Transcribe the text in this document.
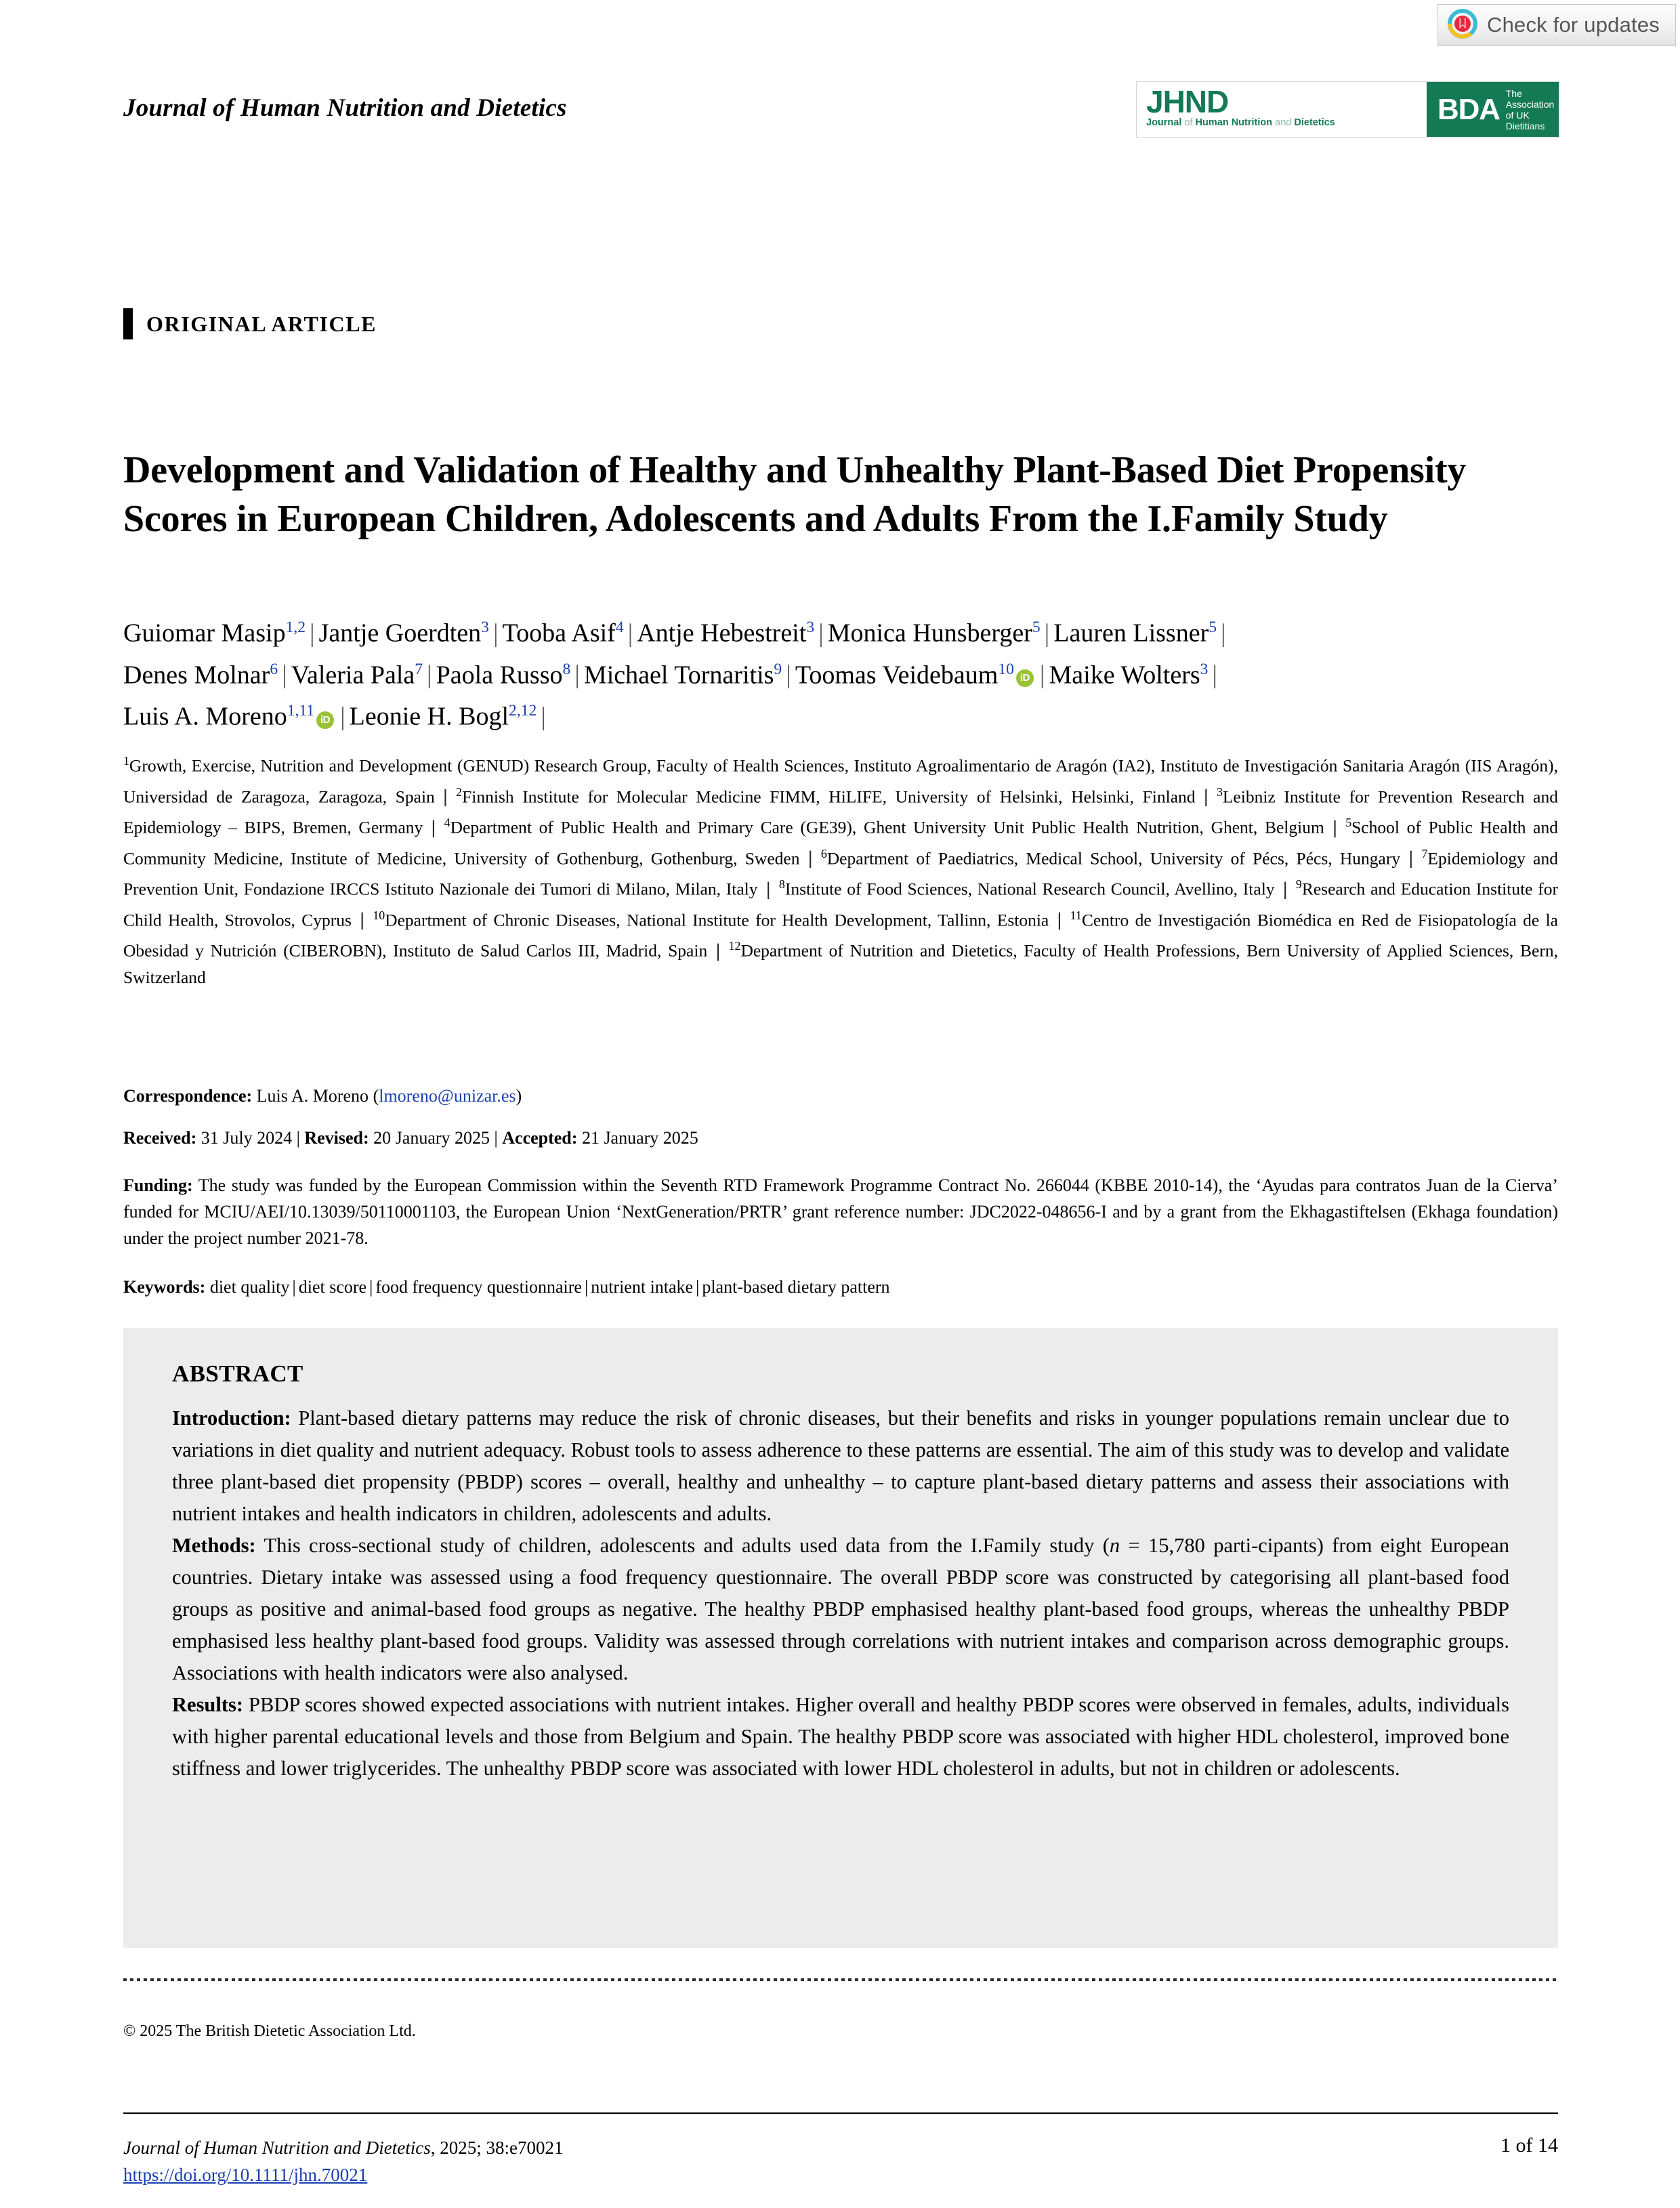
Check for updates
Journal of Human Nutrition and Dietetics	JHND
Journal of Human Nutrition and Dietetics	BDA The Association
of UK Dietitians
ORIGINAL ARTICLE
Development and Validation of Healthy and Unhealthy Plant-Based Diet Propensity Scores in European Children, Adolescents and Adults From the I.Family Study
Guiomar Masip$^{1,2}$ | Jantje Goerdten$^3$ | Tooba Asif$^4$ | Antje Hebestreit$^3$ | Monica Hunsberger$^5$ | Lauren Lissner$^5$ |
Denes Molnar$^6$ | Valeria Pala$^7$ | Paola Russo$^8$ | Michael Tornaritis$^9$ | Toomas Veidebaum$^{10}$iD | Maike Wolters$^3$ |
Luis A. Moreno$^{1,11}$iD | Leonie H. Bogl$^{2,12}$ |
$^1$Growth, Exercise, Nutrition and Development (GENUD) Research Group, Faculty of Health Sciences, Instituto Agroalimentario de Aragón (IA2), Instituto de Investigación Sanitaria Aragón (IIS Aragón), Universidad de Zaragoza, Zaragoza, Spain ❘ $^2$Finnish Institute for Molecular Medicine FIMM, HiLIFE, University of Helsinki, Helsinki, Finland ❘ $^3$Leibniz Institute for Prevention Research and Epidemiology – BIPS, Bremen, Germany ❘ $^4$Department of Public Health and Primary Care (GE39), Ghent University Unit Public Health Nutrition, Ghent, Belgium ❘ $^5$School of Public Health and Community Medicine, Institute of Medicine, University of Gothenburg, Gothenburg, Sweden ❘ $^6$Department of Paediatrics, Medical School, University of Pécs, Pécs, Hungary ❘ $^7$Epidemiology and Prevention Unit, Fondazione IRCCS Istituto Nazionale dei Tumori di Milano, Milan, Italy ❘ $^8$Institute of Food Sciences, National Research Council, Avellino, Italy ❘ $^9$Research and Education Institute for Child Health, Strovolos, Cyprus ❘ $^{10}$Department of Chronic Diseases, National Institute for Health Development, Tallinn, Estonia ❘ $^{11}$Centro de Investigación Biomédica en Red de Fisiopatología de la Obesidad y Nutrición (CIBEROBN), Instituto de Salud Carlos III, Madrid, Spain ❘ $^{12}$Department of Nutrition and Dietetics, Faculty of Health Professions, Bern University of Applied Sciences, Bern, Switzerland
Correspondence: Luis A. Moreno (lmoreno@unizar.es)
Received: 31 July 2024 | Revised: 20 January 2025 | Accepted: 21 January 2025
Funding: The study was funded by the European Commission within the Seventh RTD Framework Programme Contract No. 266044 (KBBE 2010-14), the ‘Ayudas para contratos Juan de la Cierva’ funded for MCIU/AEI/10.13039/50110001103, the European Union ‘NextGeneration/PRTR’ grant reference number: JDC2022-048656-I and by a grant from the Ekhagastiftelsen (Ekhaga foundation) under the project number 2021-78.
Keywords: diet quality | diet score | food frequency questionnaire | nutrient intake | plant-based dietary pattern
ABSTRACT

Introduction: Plant-based dietary patterns may reduce the risk of chronic diseases, but their benefits and risks in younger populations remain unclear due to variations in diet quality and nutrient adequacy. Robust tools to assess adherence to these patterns are essential. The aim of this study was to develop and validate three plant-based diet propensity (PBDP) scores – overall, healthy and unhealthy – to capture plant-based dietary patterns and assess their associations with nutrient intakes and health indicators in children, adolescents and adults.

Methods: This cross-sectional study of children, adolescents and adults used data from the I.Family study (n = 15,780 parti-cipants) from eight European countries. Dietary intake was assessed using a food frequency questionnaire. The overall PBDP score was constructed by categorising all plant-based food groups as positive and animal-based food groups as negative. The healthy PBDP emphasised healthy plant-based food groups, whereas the unhealthy PBDP emphasised less healthy plant-based food groups. Validity was assessed through correlations with nutrient intakes and comparison across demographic groups. Associations with health indicators were also analysed.

Results: PBDP scores showed expected associations with nutrient intakes. Higher overall and healthy PBDP scores were observed in females, adults, individuals with higher parental educational levels and those from Belgium and Spain. The healthy PBDP score was associated with higher HDL cholesterol, improved bone stiffness and lower triglycerides. The unhealthy PBDP score was associated with lower HDL cholesterol in adults, but not in children or adolescents.

© 2025 The British Dietetic Association Ltd.
Journal of Human Nutrition and Dietetics, 2025; 38:e70021
https://doi.org/10.1111/jhn.70021
1 of 14
